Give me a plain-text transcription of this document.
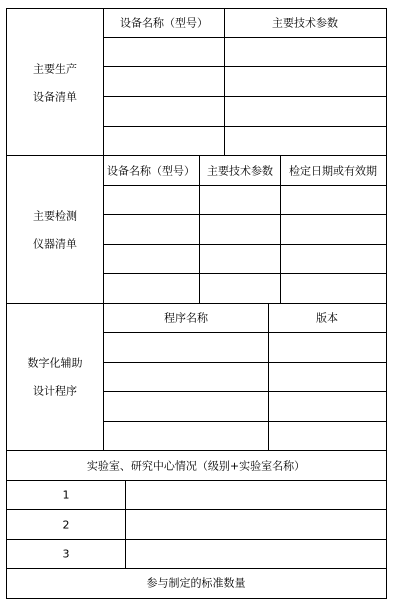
主要生产
设备清单
设备名称（型号）	主要技术参数
主要检测
仪器清单
设备名称（型号） 主要技术参数 检定日期或有效期
数字化辅助
设计程序
程序名称	版本
实验室、研究中心情况（级别+实验室名称）
1
2
3
参与制定的标准数量
